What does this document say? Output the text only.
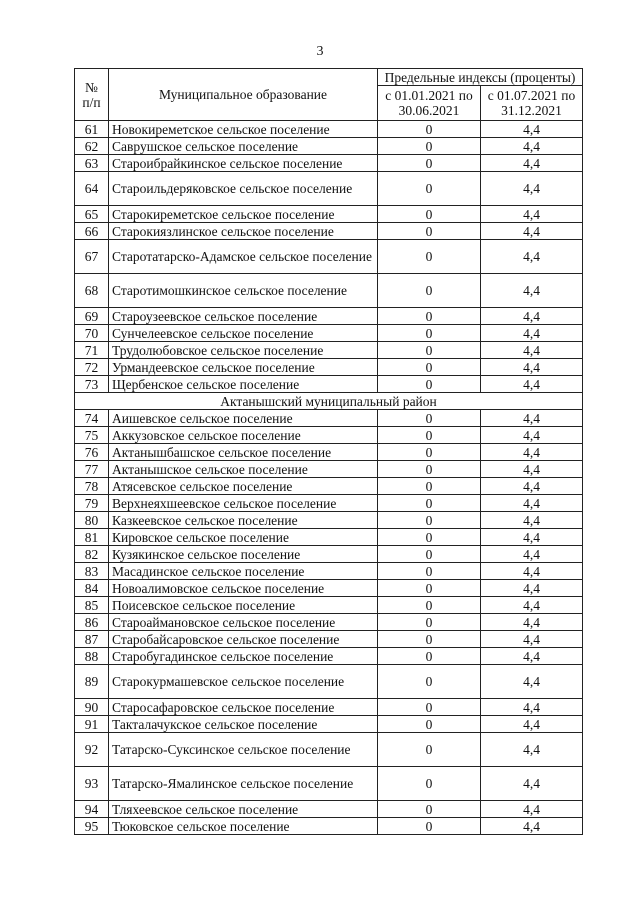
3
№ п/п	Муниципальное образование	Предельные индексы (проценты)	
		с 01.01.2021 по 30.06.2021	с 01.07.2021 по 31.12.2021
61	Новокиреметское сельское поселение	0	4,4
62	Саврушское сельское поселение	0	4,4
63	Староибрайкинское сельское поселение	0	4,4
64	Староильдеряковское сельское поселение	0	4,4
65	Старокиреметское сельское поселение	0	4,4
66	Старокиязлинское сельское поселение	0	4,4
67	Старотатарско-Адамское сельское поселение	0	4,4
68	Старотимошкинское сельское поселение	0	4,4
69	Староузеевское сельское поселение	0	4,4
70	Сунчелеевское сельское поселение	0	4,4
71	Трудолюбовское сельское поселение	0	4,4
72	Урмандеевское сельское поселение	0	4,4
73	Щербенское сельское поселение	0	4,4
Актанышский муниципальный район			
74	Аишевское сельское поселение	0	4,4
75	Аккузовское сельское поселение	0	4,4
76	Актанышбашское сельское поселение	0	4,4
77	Актанышское сельское поселение	0	4,4
78	Атясевское сельское поселение	0	4,4
79	Верхнеяхшеевское сельское поселение	0	4,4
80	Казкеевское сельское поселение	0	4,4
81	Кировское сельское поселение	0	4,4
82	Кузякинское сельское поселение	0	4,4
83	Масадинское сельское поселение	0	4,4
84	Новоалимовское сельское поселение	0	4,4
85	Поисевское сельское поселение	0	4,4
86	Староаймановское сельское поселение	0	4,4
87	Старобайсаровское сельское поселение	0	4,4
88	Старобугадинское сельское поселение	0	4,4
89	Старокурмашевское сельское поселение	0	4,4
90	Старосафаровское сельское поселение	0	4,4
91	Такталачукское сельское поселение	0	4,4
92	Татарско-Суксинское сельское поселение	0	4,4
93	Татарско-Ямалинское сельское поселение	0	4,4
94	Тляхеевское сельское поселение	0	4,4
95	Тюковское сельское поселение	0	4,4
